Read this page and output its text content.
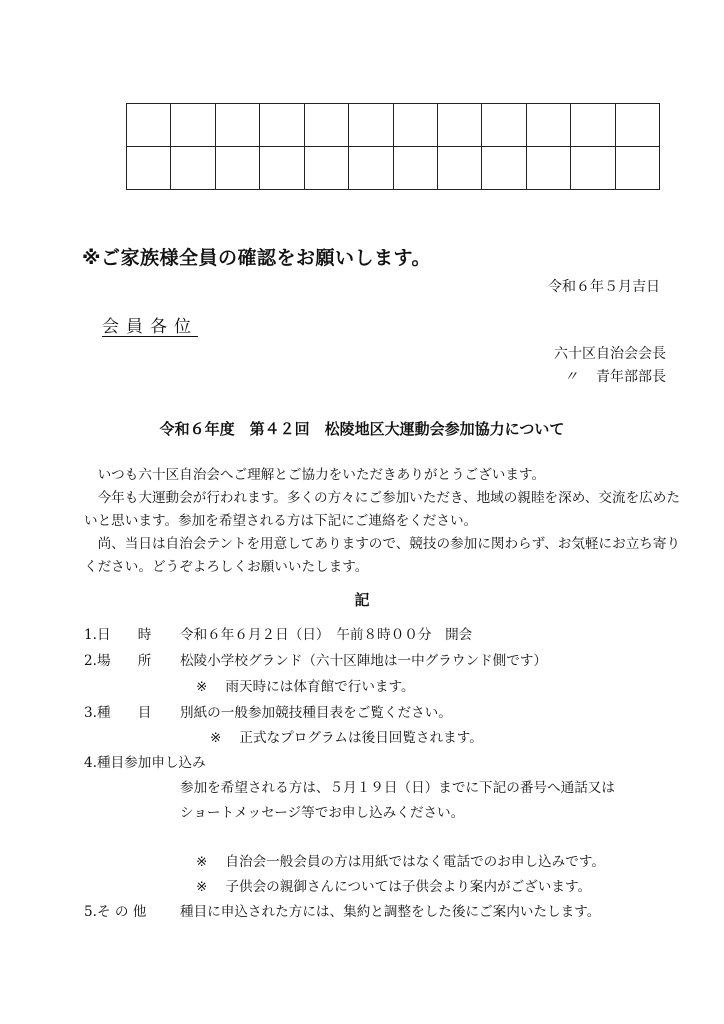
※ご家族様全員の確認をお願いします。
令和６年５月吉日
会員各位
六十区自治会会長
〃 青年部部長
令和６年度　第４２回　松陵地区大運動会参加協力について

いつも六十区自治会へご理解とご協力をいただきありがとうございます。

今年も大運動会が行われます。多くの方々にご参加いただき、地域の親睦を深め、交流を広めたいと思います。参加を希望される方は下記にご連絡をください。

尚、当日は自治会テントを用意してありますので、競技の参加に関わらず、お気軽にお立ち寄りください。どうぞよろしくお願いいたします。

記
1.日　　時 令和６年６月２日（日）　午前８時００分　開会
2.場　　所 松陵小学校グランド（六十区陣地は一中グラウンド側です）
※ 雨天時には体育館で行います。
3.種　　目 別紙の一般参加競技種目表をご覧ください。
※ 正式なプログラムは後日回覧されます。
4.種目参加申し込み
参加を希望される方は、５月１９日（日）までに下記の番号へ通話又は
ショートメッセージ等でお申し込みください。
※ 自治会一般会員の方は用紙ではなく電話でのお申し込みです。
※ 子供会の親御さんについては子供会より案内がございます。
5.そ の 他 種目に申込された方には、集約と調整をした後にご案内いたします。
